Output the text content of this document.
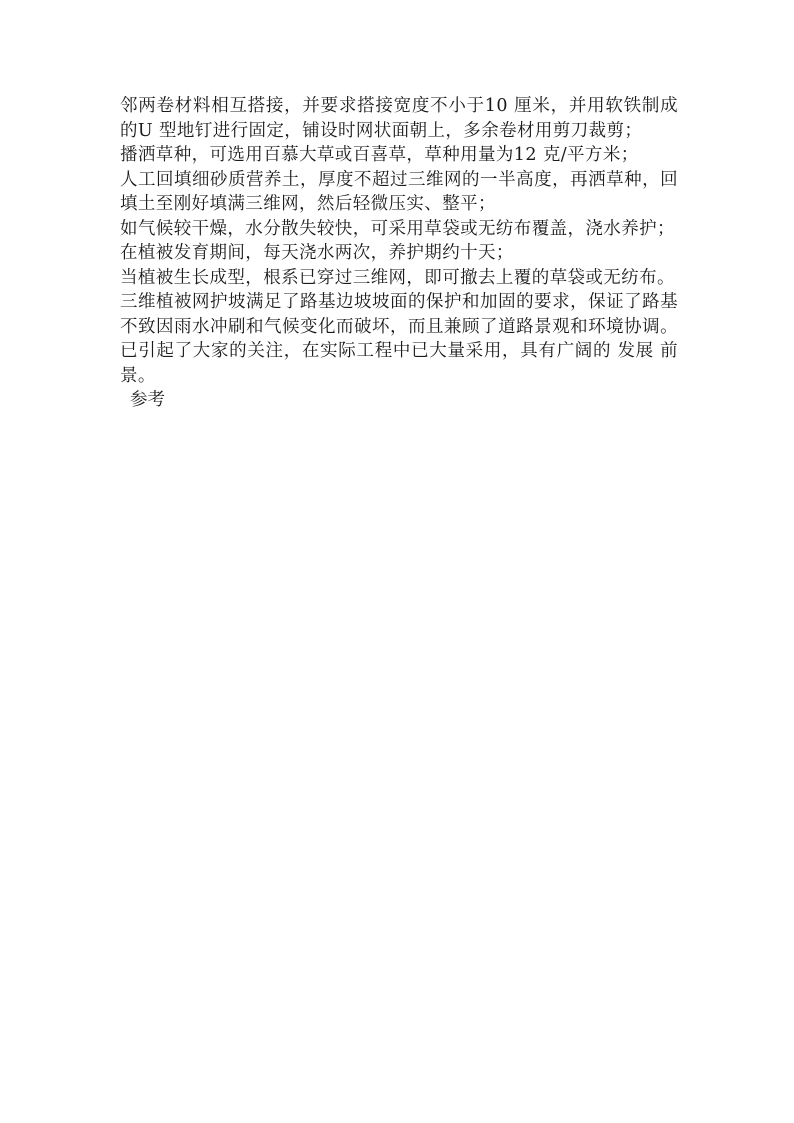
邻两卷材料相互搭接，并要求搭接宽度不小于10 厘米，并用软铁制成的U 型地钉进行固定，铺设时网状面朝上，多余卷材用剪刀裁剪；

播洒草种，可选用百慕大草或百喜草，草种用量为12 克/平方米；

人工回填细砂质营养土，厚度不超过三维网的一半高度，再洒草种，回填土至刚好填满三维网，然后轻微压实、整平；

如气候较干燥，水分散失较快，可采用草袋或无纺布覆盖，浇水养护；

在植被发育期间，每天浇水两次，养护期约十天；

当植被生长成型，根系已穿过三维网，即可撤去上覆的草袋或无纺布。

三维植被网护坡满足了路基边坡坡面的保护和加固的要求，保证了路基不致因雨水冲刷和气候变化而破坏，而且兼顾了道路景观和环境协调。已引起了大家的关注，在实际工程中已大量采用，具有广阔的 发展 前景。

参考
